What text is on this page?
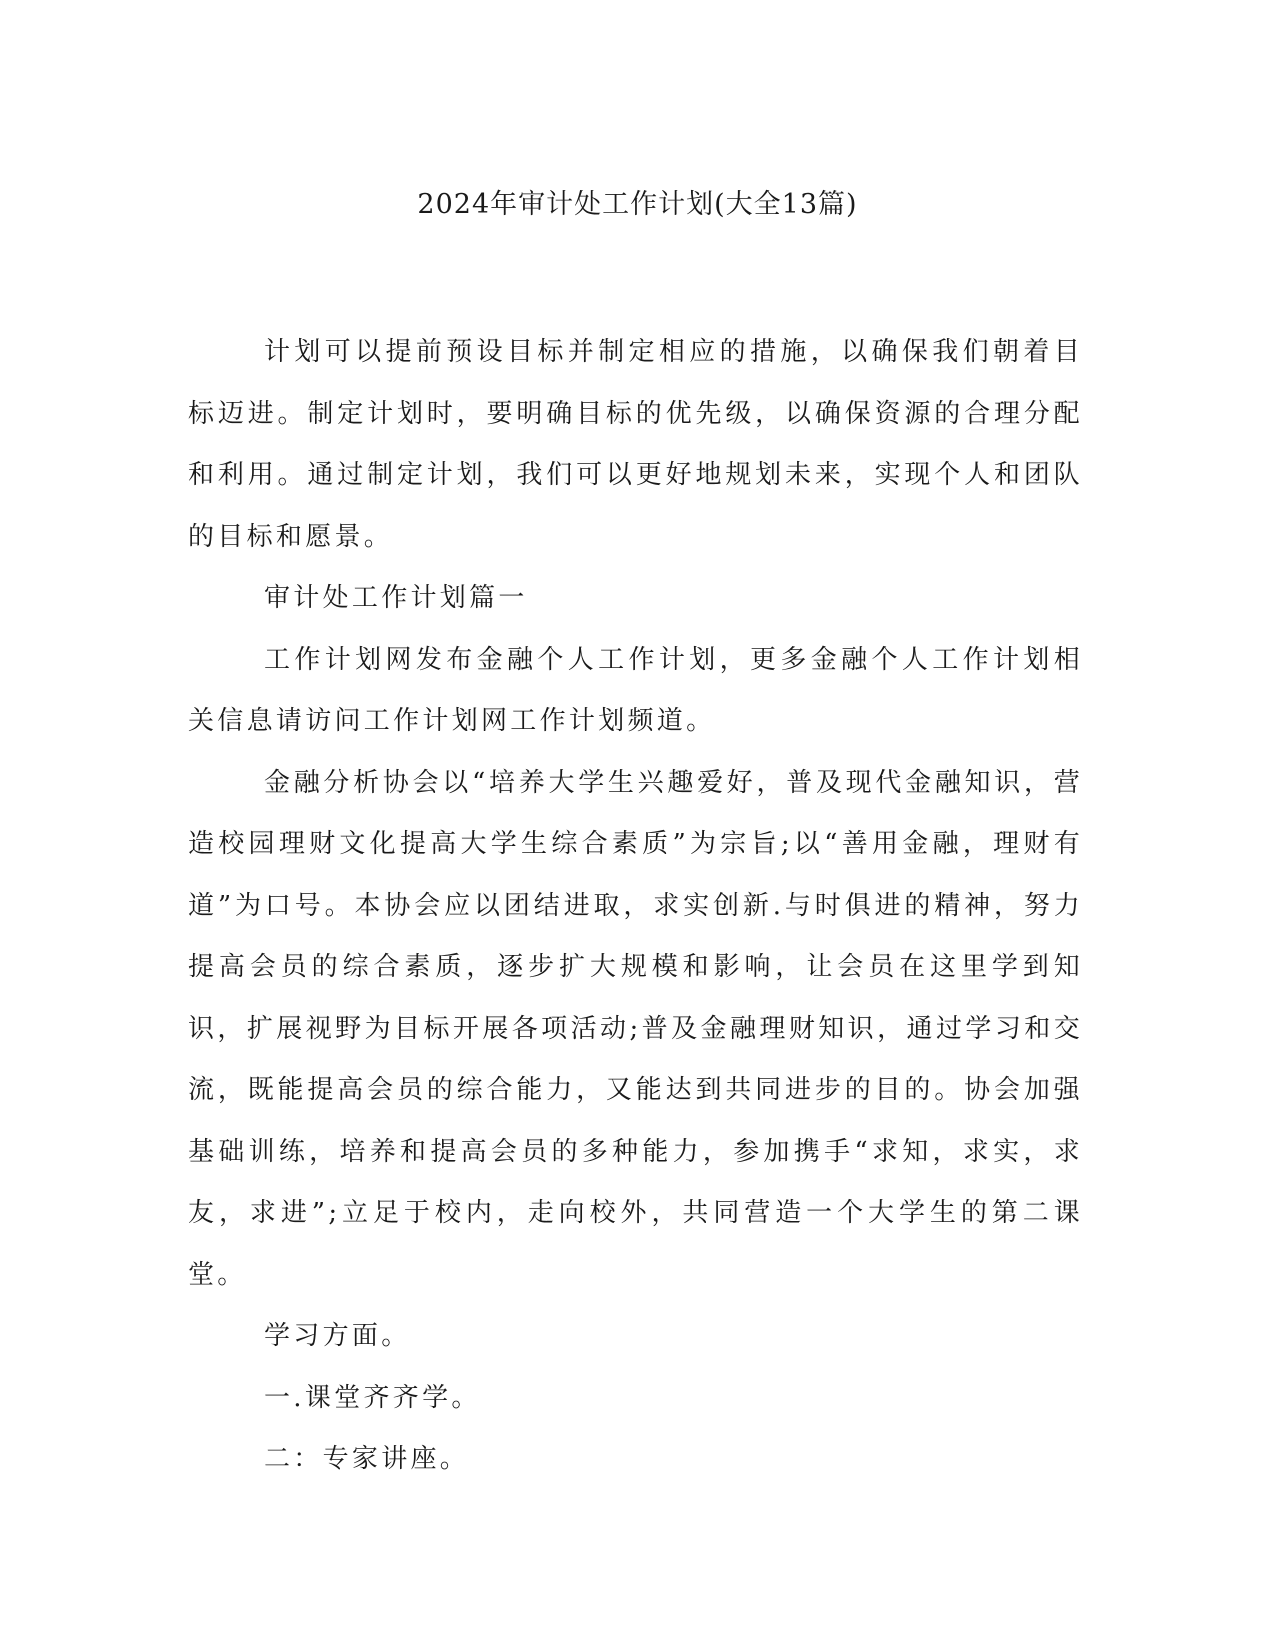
2024年审计处工作计划(大全13篇)

计划可以提前预设目标并制定相应的措施，以确保我们朝着目标迈进。制定计划时，要明确目标的优先级，以确保资源的合理分配和利用。通过制定计划，我们可以更好地规划未来，实现个人和团队的目标和愿景。

审计处工作计划篇一

工作计划网发布金融个人工作计划，更多金融个人工作计划相关信息请访问工作计划网工作计划频道。

金融分析协会以“培养大学生兴趣爱好，普及现代金融知识，营造校园理财文化提高大学生综合素质”为宗旨;以“善用金融，理财有道”为口号。本协会应以团结进取，求实创新.与时俱进的精神，努力提高会员的综合素质，逐步扩大规模和影响，让会员在这里学到知识，扩展视野为目标开展各项活动;普及金融理财知识，通过学习和交流，既能提高会员的综合能力，又能达到共同进步的目的。协会加强基础训练，培养和提高会员的多种能力，参加携手“求知，求实，求友，求进”;立足于校内，走向校外，共同营造一个大学生的第二课堂。

学习方面。

一.课堂齐齐学。

二：专家讲座。
